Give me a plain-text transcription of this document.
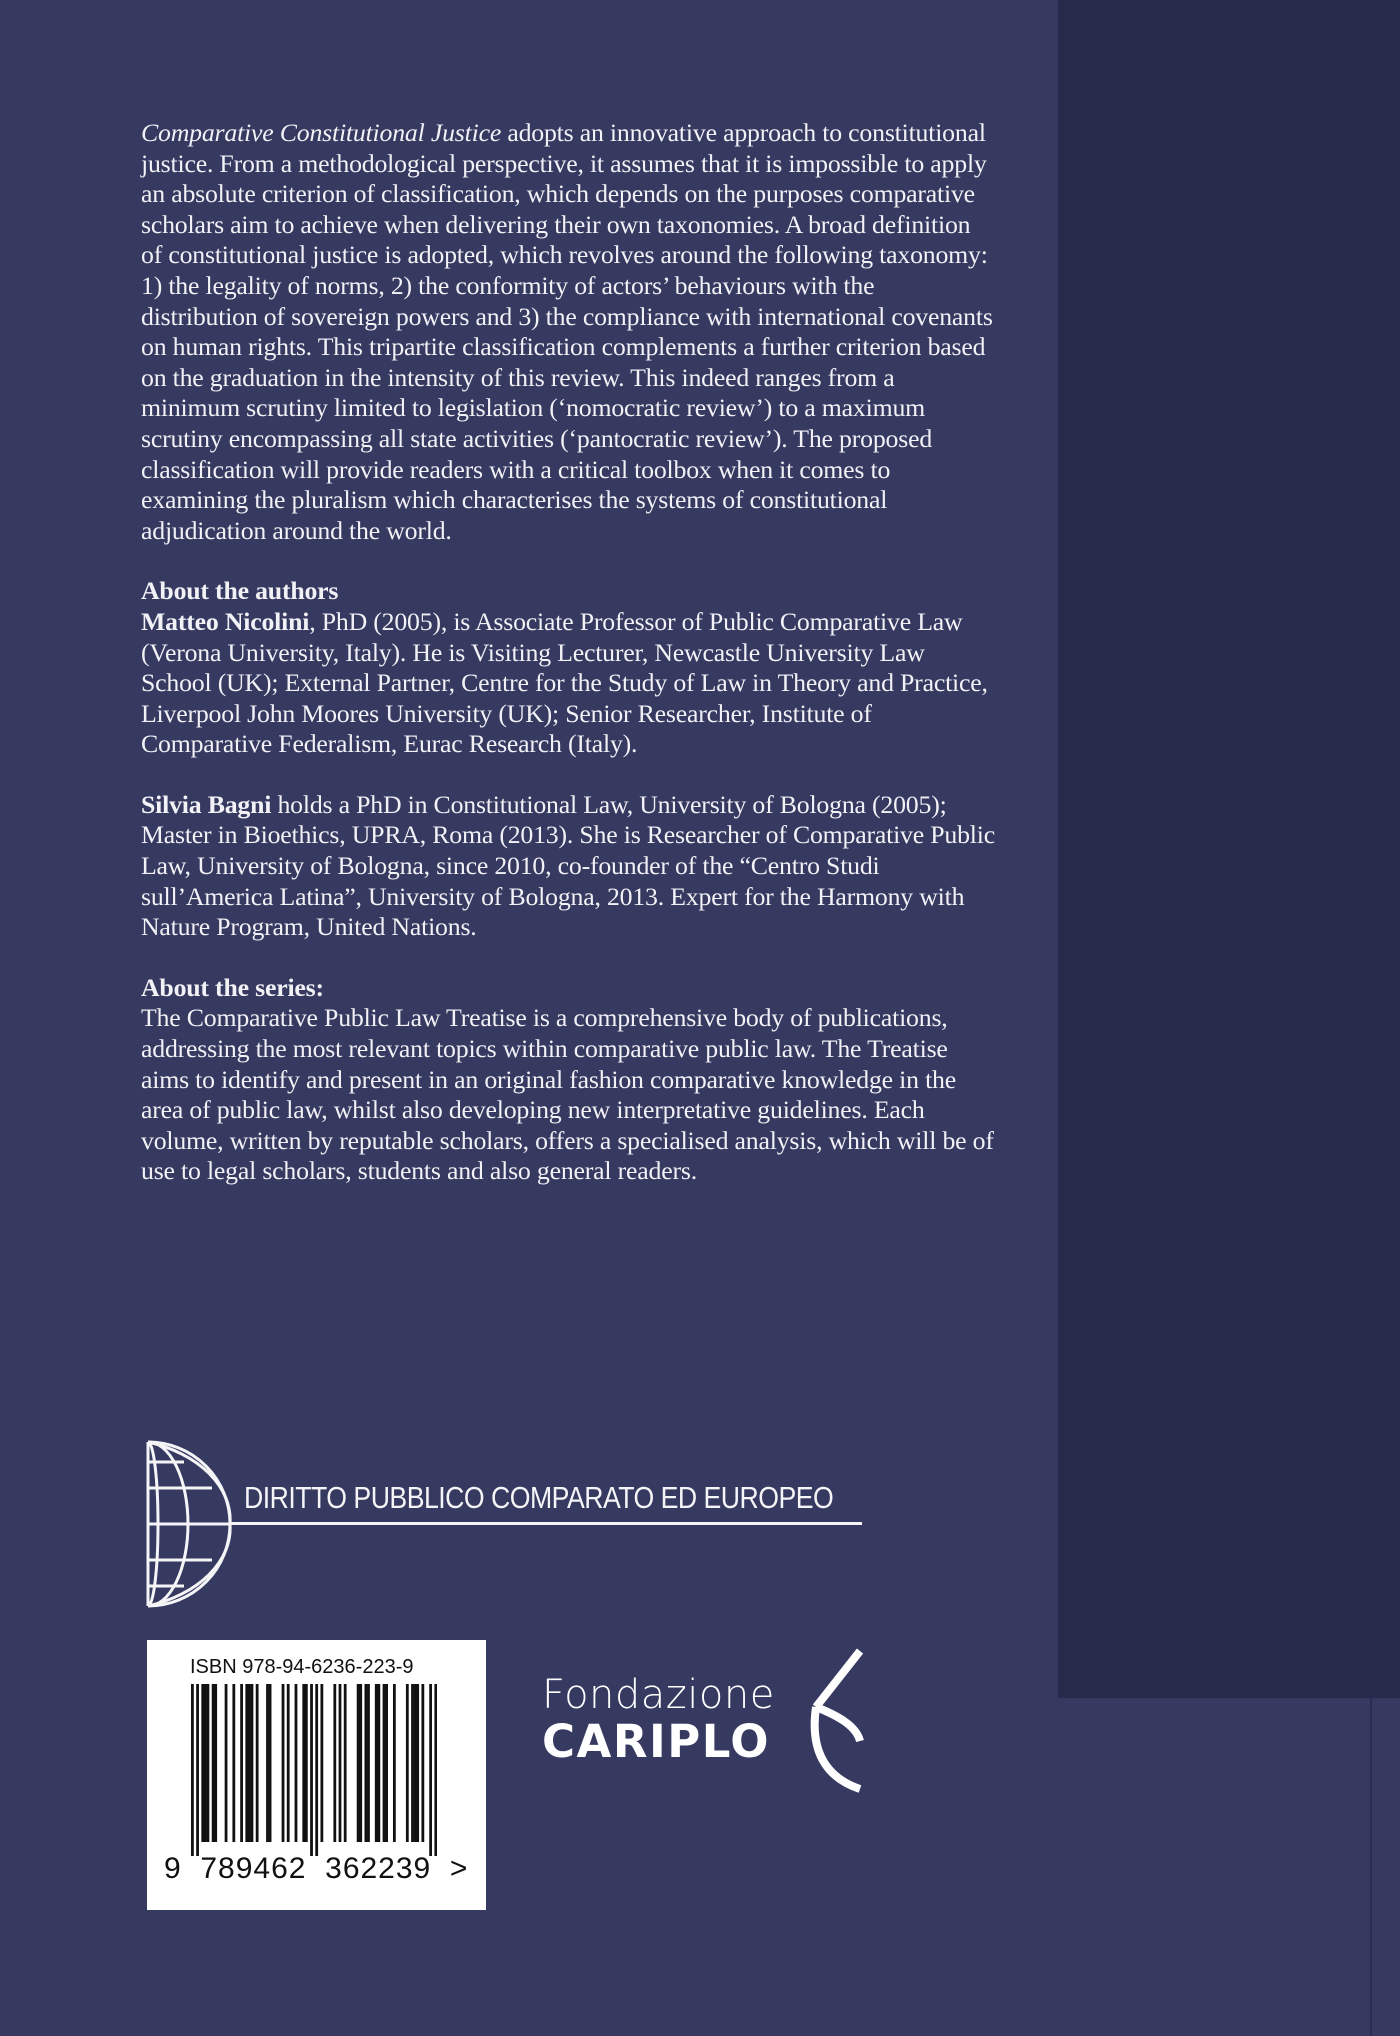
Comparative Constitutional Justice adopts an innovative approach to constitutional justice. From a methodological perspective, it assumes that it is impossible to apply an absolute criterion of classification, which depends on the purposes comparative scholars aim to achieve when delivering their own taxonomies. A broad definition of constitutional justice is adopted, which revolves around the following taxonomy: 1) the legality of norms, 2) the conformity of actors’ behaviours with the distribution of sovereign powers and 3) the compliance with international covenants on human rights. This tripartite classification complements a further criterion based on the graduation in the intensity of this review. This indeed ranges from a minimum scrutiny limited to legislation (‘nomocratic review’) to a maximum scrutiny encompassing all state activities (‘pantocratic review’). The proposed classification will provide readers with a critical toolbox when it comes to examining the pluralism which characterises the systems of constitutional adjudication around the world.

About the authors
Matteo Nicolini, PhD (2005), is Associate Professor of Public Comparative Law (Verona University, Italy). He is Visiting Lecturer, Newcastle University Law School (UK); External Partner, Centre for the Study of Law in Theory and Practice, Liverpool John Moores University (UK); Senior Researcher, Institute of Comparative Federalism, Eurac Research (Italy).

Silvia Bagni holds a PhD in Constitutional Law, University of Bologna (2005); Master in Bioethics, UPRA, Roma (2013). She is Researcher of Comparative Public Law, University of Bologna, since 2010, co-founder of the “Centro Studi sull’America Latina”, University of Bologna, 2013. Expert for the Harmony with Nature Program, United Nations.

About the series:
The Comparative Public Law Treatise is a comprehensive body of publications, addressing the most relevant topics within comparative public law. The Treatise aims to identify and present in an original fashion comparative knowledge in the area of public law, whilst also developing new interpretative guidelines. Each volume, written by reputable scholars, offers a specialised analysis, which will be of use to legal scholars, students and also general readers.

DIRITTO PUBBLICO COMPARATO ED EUROPEO
ISBN 978-94-6236-223-9
9  789462  362239  >
Fondazione
CARIPLO
